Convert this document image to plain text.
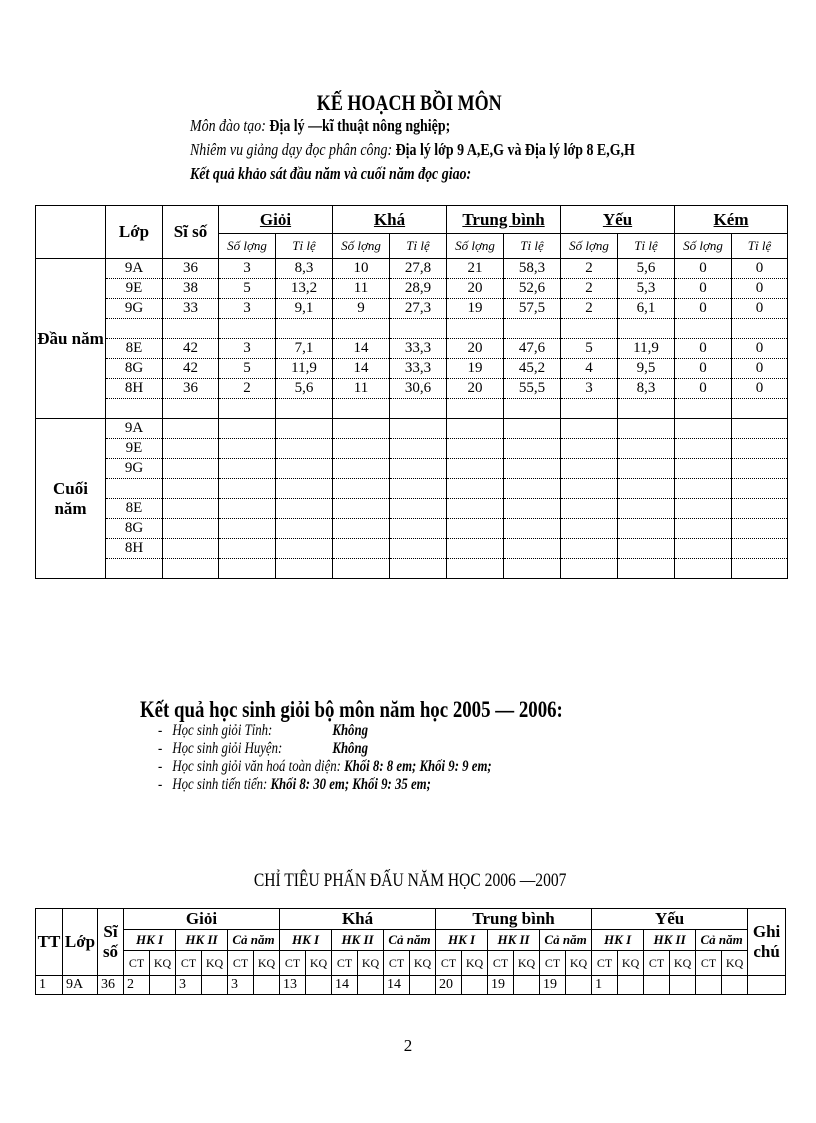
KẾ HOẠCH BỒI MÔN
Môn đào tạo: Địa lý —kĩ thuật nông nghiệp;
Nhiêm vu giảng dạy đọc phân công: Địa lý lớp 9 A,E,G và Địa lý lớp 8 E,G,H
Kết quả khảo sát đầu năm và cuối năm đọc giao:
	Lớp	Sĩ số	Giỏi		Khá		Trung bình		Yếu		Kém	
			Số lợng	Tỉ lệ	Số lợng	Tỉ lệ	Số lợng	Tỉ lệ	Số lợng	Tỉ lệ	Số lợng	Tỉ lệ
Đầu năm	9A	36	3	8,3	10	27,8	21	58,3	2	5,6	0	0
	9E	38	5	13,2	11	28,9	20	52,6	2	5,3	0	0
	9G	33	3	9,1	9	27,3	19	57,5	2	6,1	0	0

	8E	42	3	7,1	14	33,3	20	47,6	5	11,9	0	0
	8G	42	5	11,9	14	33,3	19	45,2	4	9,5	0	0
	8H	36	2	5,6	11	30,6	20	55,5	3	8,3	0	0

Cuối năm	9A											
	9E											
	9G											

	8E											
	8G											
	8H											

Kết quả học sinh giỏi bộ môn năm học 2005 — 2006:
- Học sinh giỏi Tỉnh:	Không
- Học sinh giỏi Huyện:	Không
- Học sinh giỏi văn hoá toàn diện: Khối 8: 8 em; Khối 9: 9 em;
- Học sinh tiến tiến: Khối 8: 30 em; Khối 9: 35 em;
CHỈ TIÊU PHẤN ĐẤU NĂM HỌC 2006 —2007
TT	Lớp	Sĩ số	Giỏi						Khá						Trung bình						Yếu						Ghi chú
			HK I		HK II		Cả năm		HK I		HK II		Cả năm		HK I		HK II		Cả năm		HK I		HK II		Cả năm		
			CT	KQ	CT	KQ	CT	KQ	CT	KQ	CT	KQ	CT	KQ	CT	KQ	CT	KQ	CT	KQ	CT	KQ	CT	KQ	CT	KQ	
1	9A	36	2		3		3		13		14		14		20		19		19		1						
2
